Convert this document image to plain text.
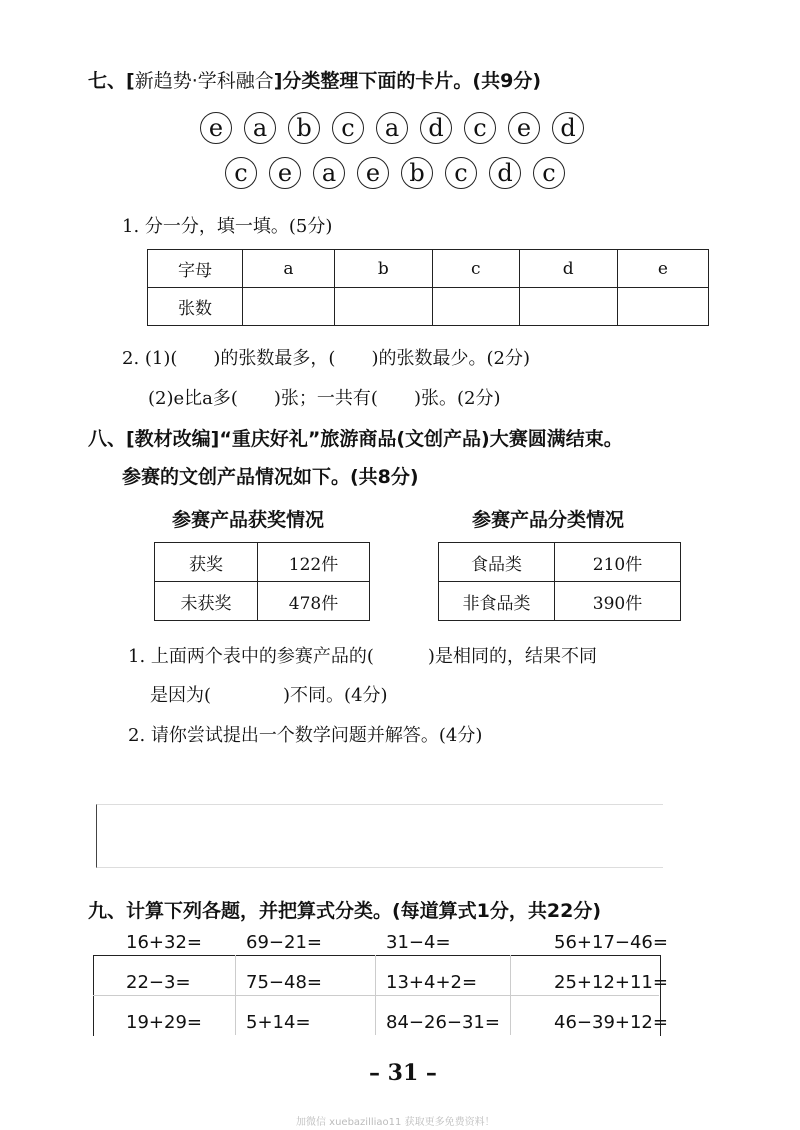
七、[新趋势·学科融合]分类整理下面的卡片。(共9分)
e	a	b	c	a	d	c	e	d
c	e	a	e	b	c	d	c
1. 分一分，填一填。(5分)
字母	a	b	c	d	e
张数					
2. (1)(　　)的张数最多，(　　)的张数最少。(2分)
(2)e比a多(　　)张；一共有(　　)张。(2分)
八、[教材改编]“重庆好礼”旅游商品(文创产品)大赛圆满结束。
参赛的文创产品情况如下。(共8分)
参赛产品获奖情况	参赛产品分类情况
获奖	122件
未获奖	478件
食品类	210件
非食品类	390件
1. 上面两个表中的参赛产品的(　　　)是相同的，结果不同
是因为(　　　　)不同。(4分)
2. 请你尝试提出一个数学问题并解答。(4分)
九、计算下列各题，并把算式分类。(每道算式1分，共22分)
16+32= 69−21=	31−4=	56+17−46=
22−3=	75−48=	13+4+2=	25+12+11=
19+29= 5+14=	84−26−31=	46−39+12=
– 31 –
加微信 xuebazilliao11 获取更多免费资料！
